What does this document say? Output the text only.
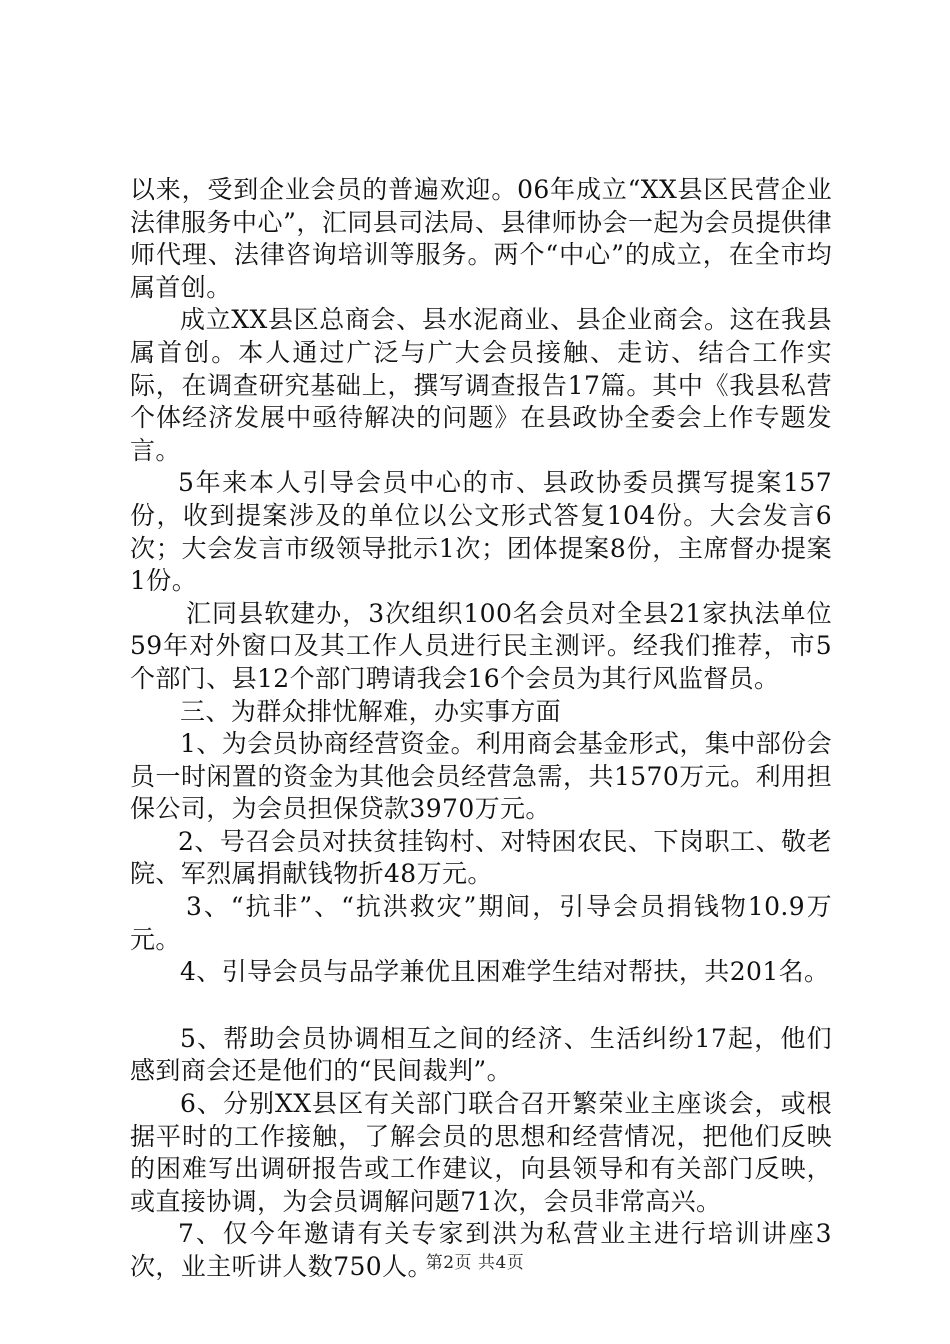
以来，受到企业会员的普遍欢迎。06年成立“XX县区民营企业法律服务中心”，汇同县司法局、县律师协会一起为会员提供律师代理、法律咨询培训等服务。两个“中心”的成立，在全市均属首创。

成立XX县区总商会、县水泥商业、县企业商会。这在我县属首创。本人通过广泛与广大会员接触、走访、结合工作实际，在调查研究基础上，撰写调查报告17篇。其中《我县私营个体经济发展中亟待解决的问题》在县政协全委会上作专题发言。

5年来本人引导会员中心的市、县政协委员撰写提案157份，收到提案涉及的单位以公文形式答复104份。大会发言6次；大会发言市级领导批示1次；团体提案8份，主席督办提案1份。

汇同县软建办，3次组织100名会员对全县21家执法单位59年对外窗口及其工作人员进行民主测评。经我们推荐，市5个部门、县12个部门聘请我会16个会员为其行风监督员。

三、为群众排忧解难，办实事方面

1、为会员协商经营资金。利用商会基金形式，集中部份会员一时闲置的资金为其他会员经营急需，共1570万元。利用担保公司，为会员担保贷款3970万元。

2、号召会员对扶贫挂钩村、对特困农民、下岗职工、敬老院、军烈属捐献钱物折48万元。

3、“抗非”、“抗洪救灾”期间，引导会员捐钱物10.9万元。

4、引导会员与品学兼优且困难学生结对帮扶，共201名。

5、帮助会员协调相互之间的经济、生活纠纷17起，他们感到商会还是他们的“民间裁判”。

6、分别XX县区有关部门联合召开繁荣业主座谈会，或根据平时的工作接触，了解会员的思想和经营情况，把他们反映的困难写出调研报告或工作建议，向县领导和有关部门反映，或直接协调，为会员调解问题71次，会员非常高兴。

7、仅今年邀请有关专家到洪为私营业主进行培训讲座3次，业主听讲人数750人。

第2页 共4页
